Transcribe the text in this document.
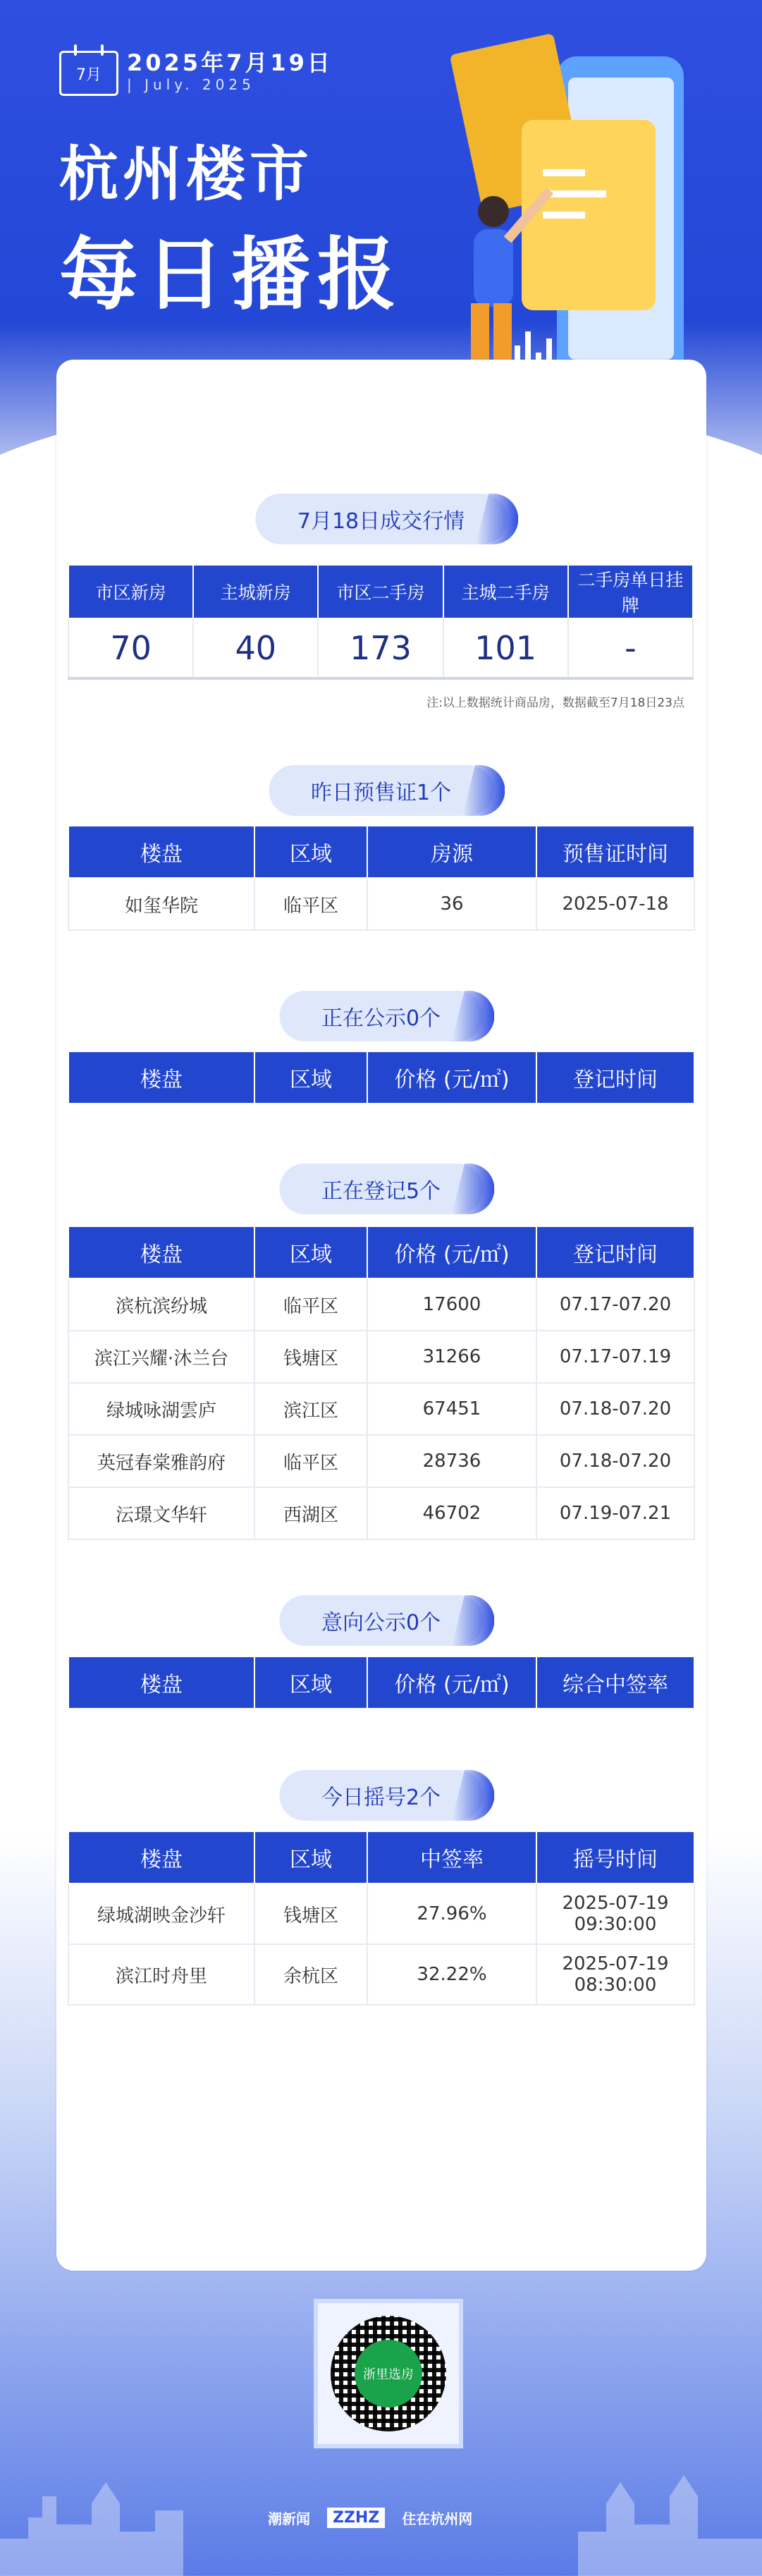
7月 2025年7月19日
| July. 2025
杭州楼市
每日播报
7月18日成交行情
市区新房	主城新房	市区二手房	主城二手房	二手房单日挂牌
70	40	173	101	-
注:以上数据统计商品房，数据截至7月18日23点
昨日预售证1个
楼盘	区域	房源	预售证时间
如玺华院	临平区	36	2025-07-18
正在公示0个
楼盘	区域	价格 (元/㎡)	登记时间
正在登记5个
楼盘	区域	价格 (元/㎡)	登记时间
滨杭滨纷城	临平区	17600	07.17-07.20
滨江兴耀·沐兰台	钱塘区	31266	07.17-07.19
绿城咏湖雲庐	滨江区	67451	07.18-07.20
英冠春棠雅韵府	临平区	28736	07.18-07.20
沄璟文华轩	西湖区	46702	07.19-07.21
意向公示0个
楼盘	区域	价格 (元/㎡)	综合中签率
今日摇号2个
楼盘	区域	中签率	摇号时间
绿城湖映金沙轩	钱塘区	27.96%	2025-07-19
09:30:00

滨江时舟里	余杭区	32.22%	2025-07-19
08:30:00
浙里选房
潮新闻	ZZHZ	住在杭州网
